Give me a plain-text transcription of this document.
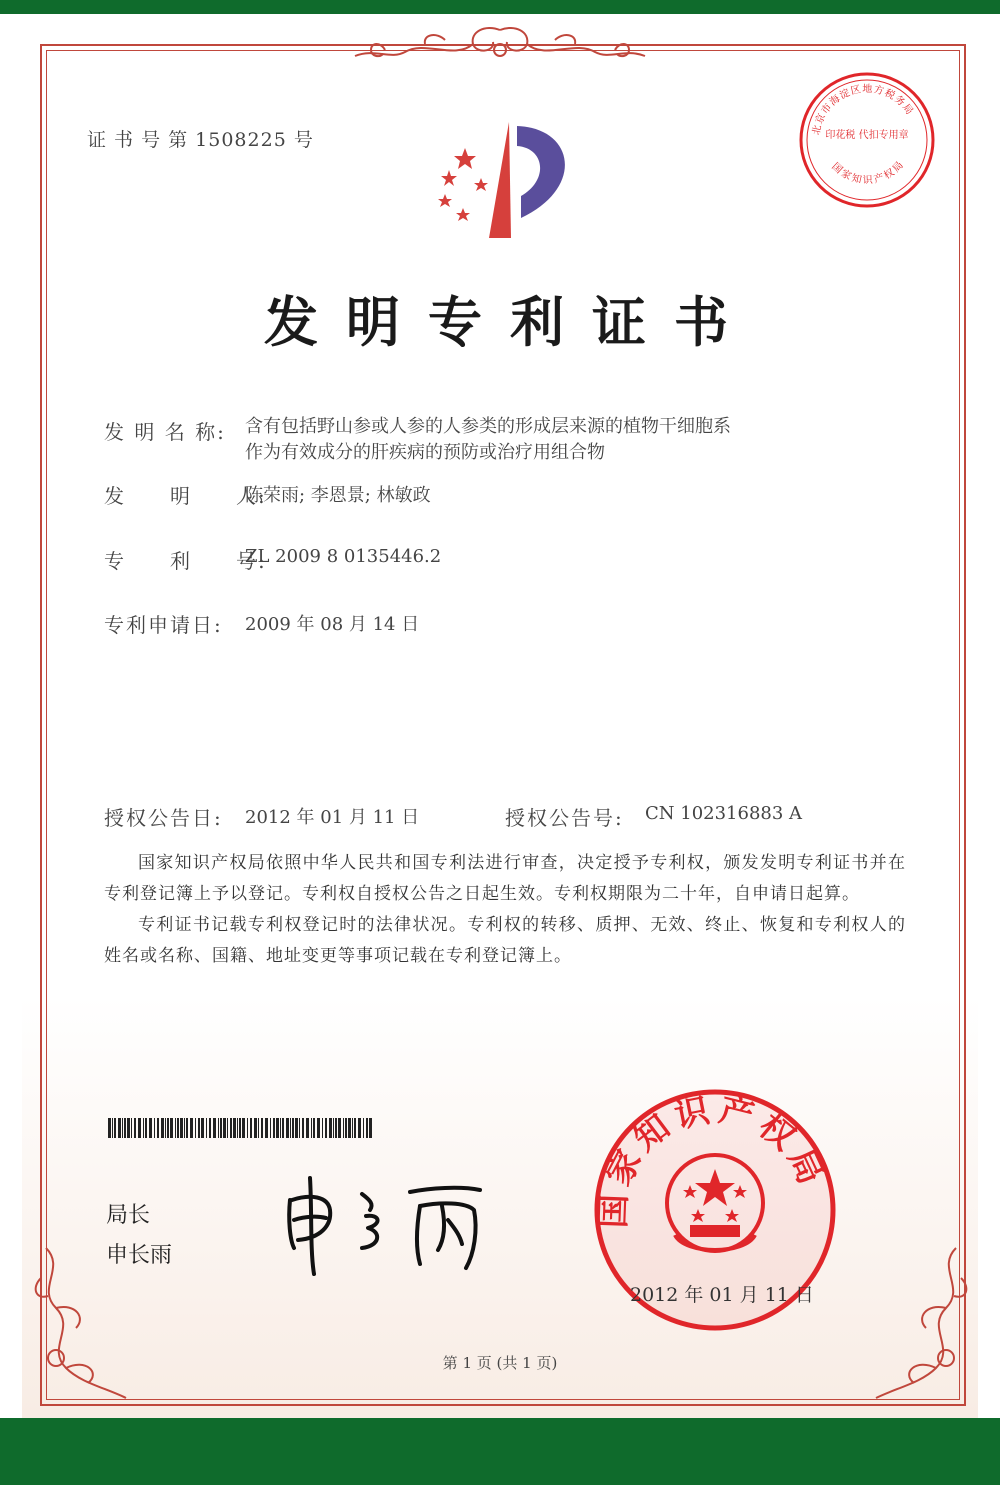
证 书 号 第 1508225 号	北京市海淀区地方税务局
印花税 代扣专用章
国家知识产权局
发明专利证书
发 明 名 称: 含有包括野山参或人参的人参类的形成层来源的植物干细胞系
作为有效成分的肝疾病的预防或治疗用组合物
发　　明　　人:
陈荣雨; 李恩景; 林敏政
专　　利　　号:
ZL 2009 8 0135446.2
专利申请日: 2009 年 08 月 14 日
授权公告日: 2012 年 01 月 11 日	授权公告号: CN 102316883 A

国家知识产权局依照中华人民共和国专利法进行审查，决定授予专利权，颁发发明专利证书并在专利登记簿上予以登记。专利权自授权公告之日起生效。专利权期限为二十年，自申请日起算。

专利证书记载专利权登记时的法律状况。专利权的转移、质押、无效、终止、恢复和专利权人的姓名或名称、国籍、地址变更等事项记载在专利登记簿上。

局长
申长雨
国家知识产权局
2012 年 01 月 11 日
第 1 页 (共 1 页)
